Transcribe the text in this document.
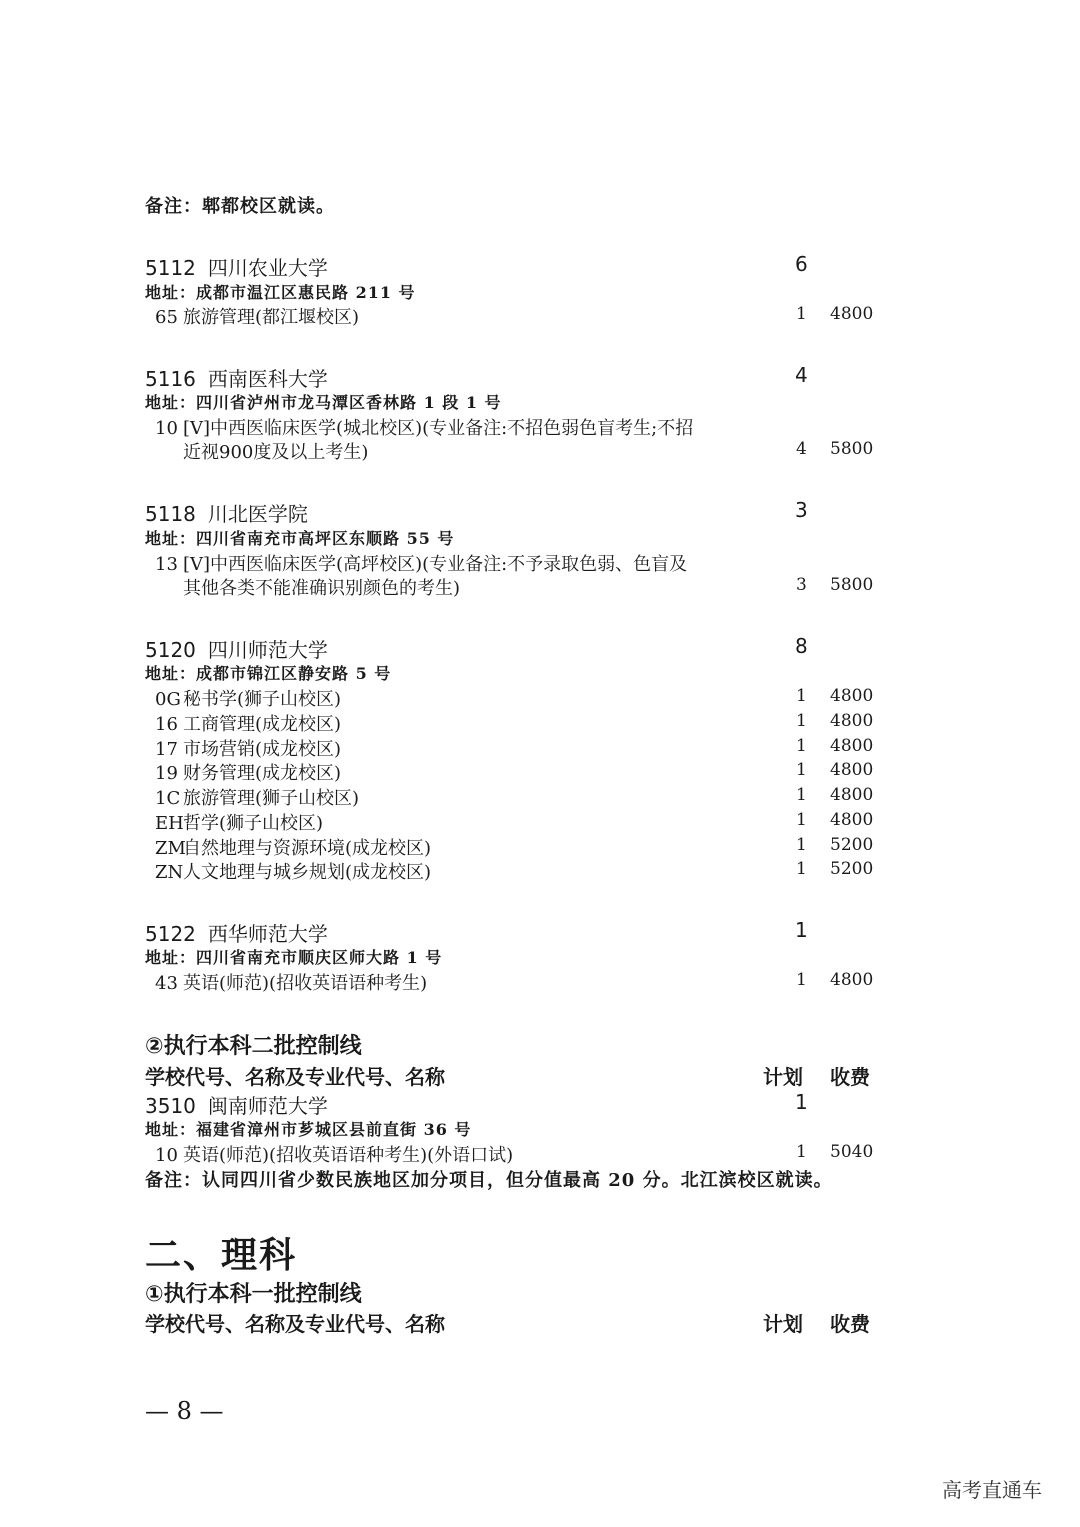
备注：郫都校区就读。
5112 四川农业大学	6
地址：成都市温江区惠民路 211 号
65 旅游管理(都江堰校区)	1 4800
5116 西南医科大学	4
地址：四川省泸州市龙马潭区香林路 1 段 1 号
10 [V]中西医临床医学(城北校区)(专业备注:不招色弱色盲考生;不招
近视900度及以上考生)	4 5800
5118 川北医学院	3
地址：四川省南充市高坪区东顺路 55 号
13 [V]中西医临床医学(高坪校区)(专业备注:不予录取色弱、色盲及
其他各类不能准确识别颜色的考生)	3 5800
5120 四川师范大学	8
地址：成都市锦江区静安路 5 号
0G 秘书学(狮子山校区)	1 4800
16 工商管理(成龙校区)	1 4800
17 市场营销(成龙校区)	1 4800
19 财务管理(成龙校区)	1 4800
1C 旅游管理(狮子山校区)	1 4800
EH哲学(狮子山校区)	1 4800
ZM自然地理与资源环境(成龙校区)	1 5200
ZN人文地理与城乡规划(成龙校区)	1 5200
5122 西华师范大学	1
地址：四川省南充市顺庆区师大路 1 号
43 英语(师范)(招收英语语种考生)	1 4800
②执行本科二批控制线
学校代号、名称及专业代号、名称	计划 收费
3510 闽南师范大学	1
地址：福建省漳州市芗城区县前直街 36 号
10 英语(师范)(招收英语语种考生)(外语口试)	1 5040
备注：认同四川省少数民族地区加分项目，但分值最高 20 分。北江滨校区就读。
二、理科
①执行本科一批控制线
学校代号、名称及专业代号、名称	计划 收费
— 8 —
高考直通车
